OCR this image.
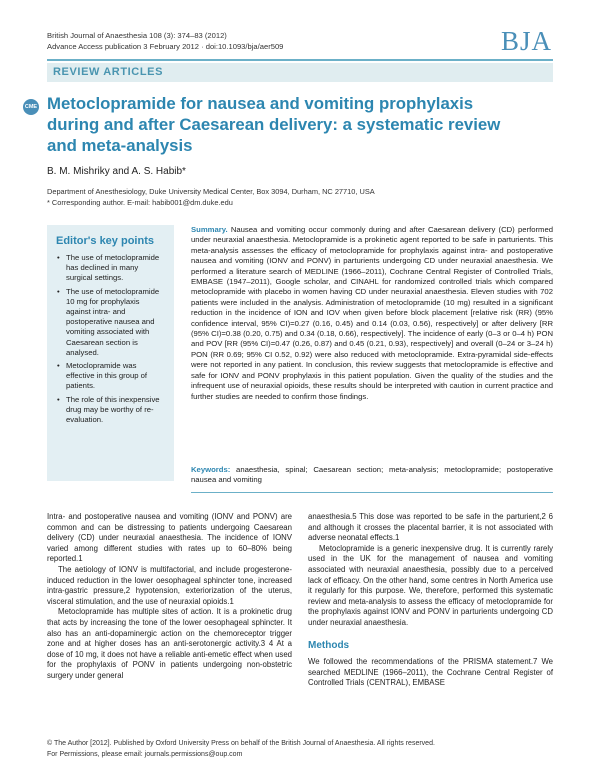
British Journal of Anaesthesia 108 (3): 374–83 (2012)
Advance Access publication 3 February 2012 · doi:10.1093/bja/aer509	BJA
REVIEW ARTICLES
CME Metoclopramide for nausea and vomiting prophylaxis during and after Caesarean delivery: a systematic review and meta-analysis
B. M. Mishriky and A. S. Habib*
Department of Anesthesiology, Duke University Medical Center, Box 3094, Durham, NC 27710, USA
* Corresponding author. E-mail: habib001@dm.duke.edu
Editor's key points
• The use of metoclopramide has declined in many surgical settings.
• The use of metoclopramide 10 mg for prophylaxis against intra- and postoperative nausea and vomiting associated with Caesarean section is analysed.
• Metoclopramide was effective in this group of patients.
• The role of this inexpensive drug may be worthy of re-evaluation.
Summary. Nausea and vomiting occur commonly during and after Caesarean delivery (CD) performed under neuraxial anaesthesia. Metoclopramide is a prokinetic agent reported to be safe in parturients. This meta-analysis assesses the efficacy of metoclopramide for prophylaxis against intra- and postoperative nausea and vomiting (IONV and PONV) in parturients undergoing CD under neuraxial anaesthesia. We performed a literature search of MEDLINE (1966–2011), Cochrane Central Register of Controlled Trials, EMBASE (1947–2011), Google scholar, and CINAHL for randomized controlled trials which compared metoclopramide with placebo in women having CD under neuraxial anaesthesia. Eleven studies with 702 patients were included in the analysis. Administration of metoclopramide (10 mg) resulted in a significant reduction in the incidence of ION and IOV when given before block placement [relative risk (RR) (95% confidence interval, 95% CI)=0.27 (0.16, 0.45) and 0.14 (0.03, 0.56), respectively] or after delivery [RR (95% CI)=0.38 (0.20, 0.75) and 0.34 (0.18, 0.66), respectively]. The incidence of early (0–3 or 0–4 h) PON and POV [RR (95% CI)=0.47 (0.26, 0.87) and 0.45 (0.21, 0.93), respectively] and overall (0–24 or 3–24 h) PON (RR 0.69; 95% CI 0.52, 0.92) were also reduced with metoclopramide. Extra-pyramidal side-effects were not reported in any patient. In conclusion, this review suggests that metoclopramide is effective and safe for IONV and PONV prophylaxis in this patient population. Given the quality of the studies and the infrequent use of neuraxial opioids, these results should be interpreted with caution in current practice and further studies are needed to confirm those findings.
Keywords: anaesthesia, spinal; Caesarean section; meta-analysis; metoclopramide; postoperative nausea and vomiting

Intra- and postoperative nausea and vomiting (IONV and PONV) are common and can be distressing to patients undergoing Caesarean delivery (CD) under neuraxial anaesthesia. The incidence of IONV varied among different studies with rates up to 60–80% being reported.1

The aetiology of IONV is multifactorial, and include progesterone-induced reduction in the lower oesophageal sphincter tone, increased intra-gastric pressure,2 hypotension, exteriorization of the uterus, visceral stimulation, and the use of neuraxial opioids.1

Metoclopramide has multiple sites of action. It is a prokinetic drug that acts by increasing the tone of the lower oesophageal sphincter. It also has an anti-dopaminergic action on the chemoreceptor trigger zone and at higher doses has an anti-serotonergic activity.3 4 At a dose of 10 mg, it does not have a reliable anti-emetic effect when used for the prophylaxis of PONV in patients undergoing non-obstetric surgery under general

anaesthesia.5 This dose was reported to be safe in the parturient,2 6 and although it crosses the placental barrier, it is not associated with adverse neonatal effects.1

Metoclopramide is a generic inexpensive drug. It is currently rarely used in the UK for the management of nausea and vomiting associated with neuraxial anaesthesia, possibly due to a perceived lack of efficacy. On the other hand, some centres in North America use it regularly for this purpose. We, therefore, performed this systematic review and meta-analysis to assess the efficacy of metoclopramide for the prophylaxis against IONV and PONV in parturients undergoing CD under neuraxial anaesthesia.

Methods

We followed the recommendations of the PRISMA statement.7 We searched MEDLINE (1966–2011), the Cochrane Central Register of Controlled Trials (CENTRAL), EMBASE

© The Author [2012]. Published by Oxford University Press on behalf of the British Journal of Anaesthesia. All rights reserved.
For Permissions, please email: journals.permissions@oup.com
